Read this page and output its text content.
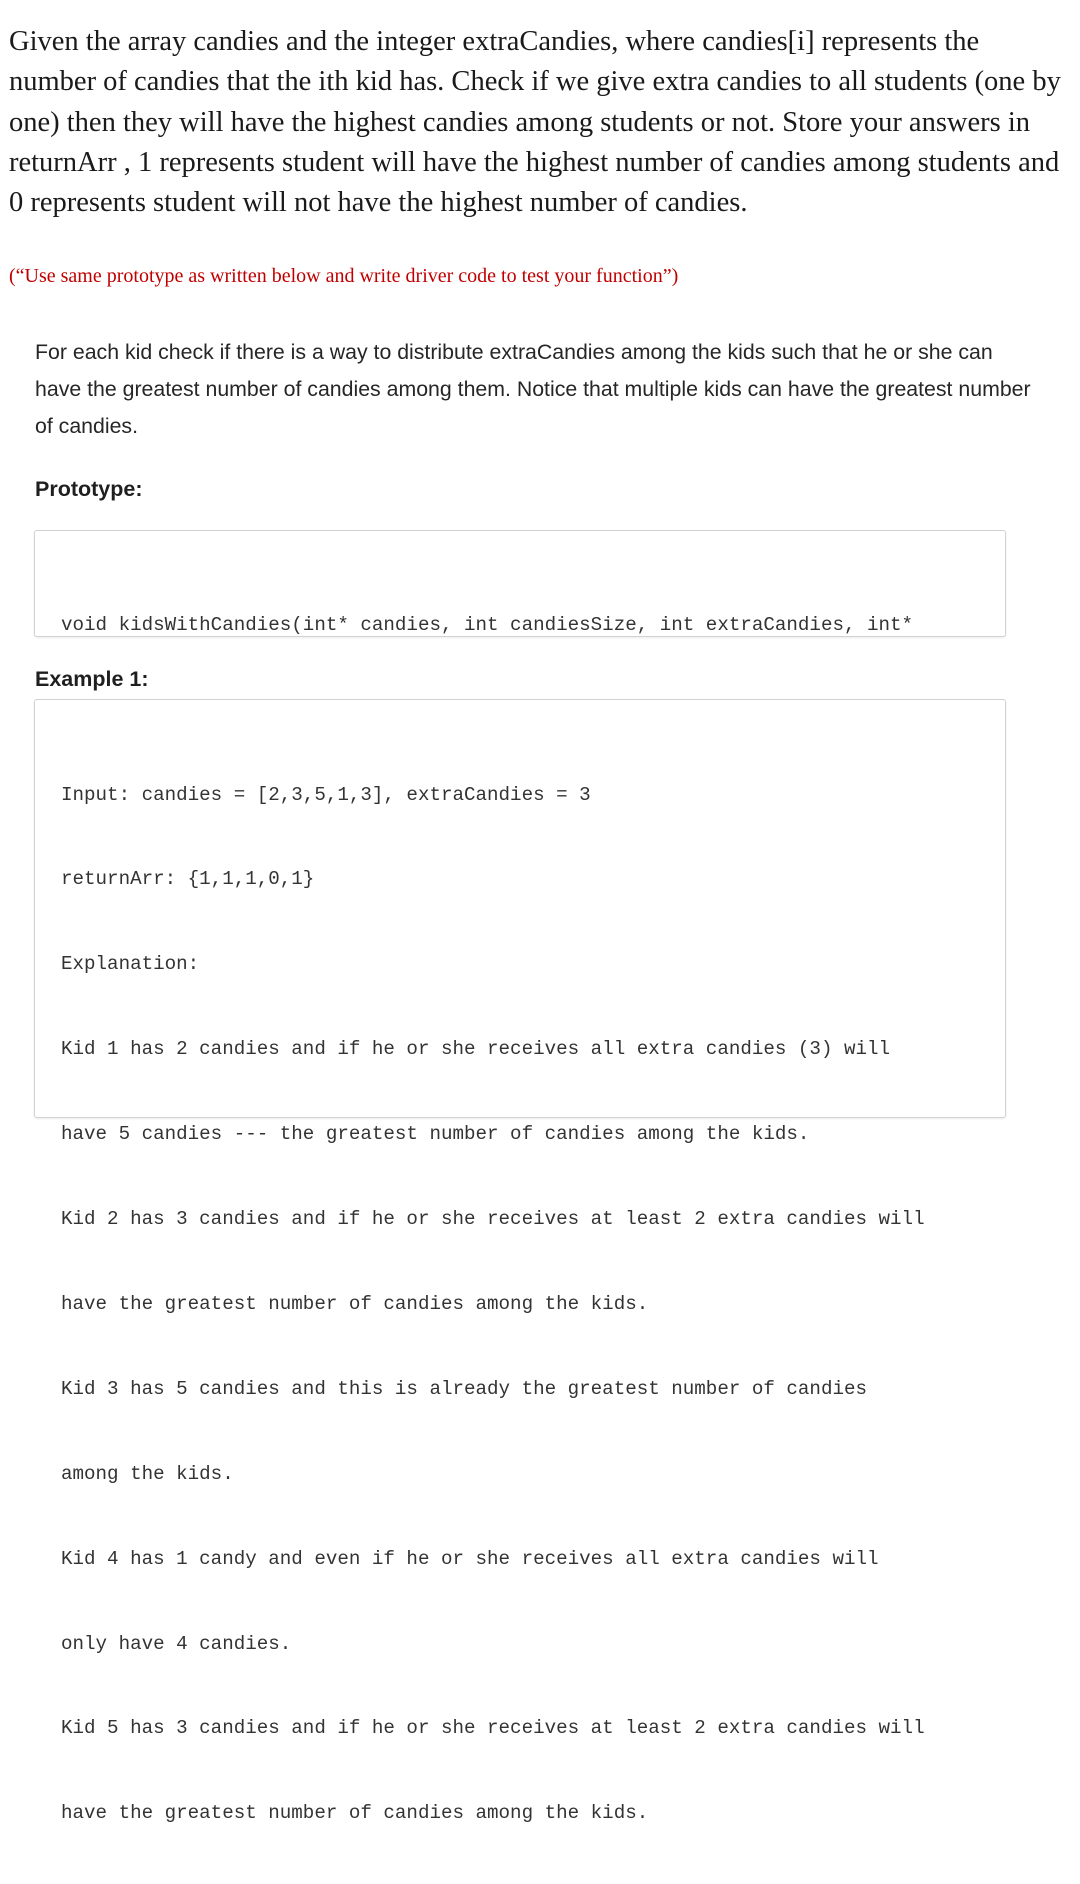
Given the array candies and the integer extraCandies, where candies[i] represents the number of candies that the ith kid has. Check if we give extra candies to all students (one by one) then they will have the highest candies among students or not. Store your answers in returnArr , 1 represents student will have the highest number of candies among students and 0 represents student will not have the highest number of candies.

(“Use same prototype as written below and write driver code to test your function”)

For each kid check if there is a way to distribute extraCandies among the kids such that he or she can have the greatest number of candies among them. Notice that multiple kids can have the greatest number of candies.

Prototype:

void kidsWithCandies(int* candies, int candiesSize, int extraCandies, int*

Example 1:

Input: candies = [2,3,5,1,3], extraCandies = 3

returnArr: {1,1,1,0,1}

Explanation:

Kid 1 has 2 candies and if he or she receives all extra candies (3) will

have 5 candies --- the greatest number of candies among the kids.

Kid 2 has 3 candies and if he or she receives at least 2 extra candies will

have the greatest number of candies among the kids.

Kid 3 has 5 candies and this is already the greatest number of candies

among the kids.

Kid 4 has 1 candy and even if he or she receives all extra candies will

only have 4 candies.

Kid 5 has 3 candies and if he or she receives at least 2 extra candies will

have the greatest number of candies among the kids.
